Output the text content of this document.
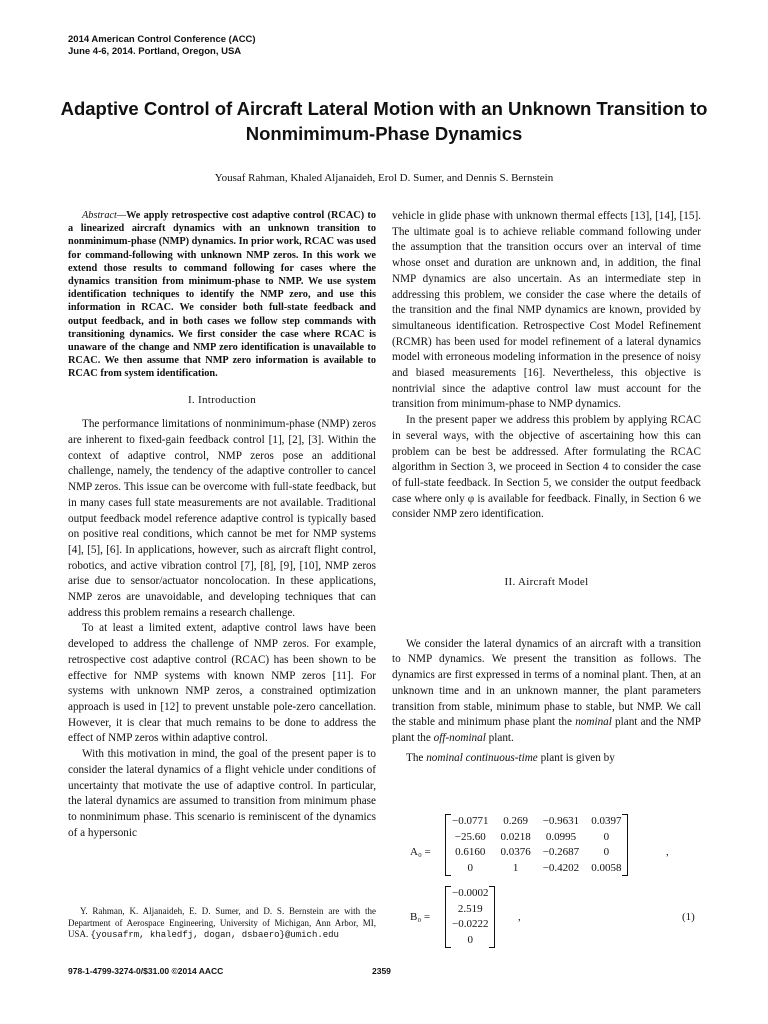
2014 American Control Conference (ACC)
June 4-6, 2014. Portland, Oregon, USA
Adaptive Control of Aircraft Lateral Motion with an Unknown Transition to Nonmimimum-Phase Dynamics
Yousaf Rahman, Khaled Aljanaideh, Erol D. Sumer, and Dennis S. Bernstein

Abstract—We apply retrospective cost adaptive control (RCAC) to a linearized aircraft dynamics with an unknown transition to nonminimum-phase (NMP) dynamics. In prior work, RCAC was used for command-following with unknown NMP zeros. In this work we extend those results to command following for cases where the dynamics transition from minimum-phase to NMP. We use system identification techniques to identify the NMP zero, and use this information in RCAC. We consider both full-state feedback and output feedback, and in both cases we follow step commands with transitioning dynamics. We first consider the case where RCAC is unaware of the change and NMP zero identification is unavailable to RCAC. We then assume that NMP zero information is available to RCAC from system identification.

I. Introduction

The performance limitations of nonminimum-phase (NMP) zeros are inherent to fixed-gain feedback control [1], [2], [3]. Within the context of adaptive control, NMP zeros pose an additional challenge, namely, the tendency of the adaptive controller to cancel NMP zeros. This issue can be overcome with full-state feedback, but in many cases full state measurements are not available. Traditional output feedback model reference adaptive control is typically based on positive real conditions, which cannot be met for NMP systems [4], [5], [6]. In applications, however, such as aircraft flight control, robotics, and active vibration control [7], [8], [9], [10], NMP zeros arise due to sensor/actuator noncolocation. In these applications, NMP zeros are unavoidable, and developing techniques that can address this problem remains a research challenge.

To at least a limited extent, adaptive control laws have been developed to address the challenge of NMP zeros. For example, retrospective cost adaptive control (RCAC) has been shown to be effective for NMP systems with known NMP zeros [11]. For systems with unknown NMP zeros, a constrained optimization approach is used in [12] to prevent unstable pole-zero cancellation. However, it is clear that much remains to be done to address the effect of NMP zeros within adaptive control.

With this motivation in mind, the goal of the present paper is to consider the lateral dynamics of a flight vehicle under conditions of uncertainty that motivate the use of adaptive control. In particular, the lateral dynamics are assumed to transition from minimum phase to nonminimum phase. This scenario is reminiscent of the dynamics of a hypersonic

Y. Rahman, K. Aljanaideh, E. D. Sumer, and D. S. Bernstein are with the Department of Aerospace Engineering, University of Michigan, Ann Arbor, MI, USA. {yousafrm, khaledfj, dogan, dsbaero}@umich.edu

vehicle in glide phase with unknown thermal effects [13], [14], [15]. The ultimate goal is to achieve reliable command following under the assumption that the transition occurs over an interval of time whose onset and duration are unknown and, in addition, the final NMP dynamics are also uncertain. As an intermediate step in addressing this problem, we consider the case where the details of the transition and the final NMP dynamics are known, provided by simultaneous identification. Retrospective Cost Model Refinement (RCMR) has been used for model refinement of a lateral dynamics model with erroneous modeling information in the presence of noisy and biased measurements [16]. Nevertheless, this objective is nontrivial since the adaptive control law must account for the transition from minimum-phase to NMP dynamics.

In the present paper we address this problem by applying RCAC in several ways, with the objective of ascertaining how this can problem can be best be addressed. After formulating the RCAC algorithm in Section 3, we proceed in Section 4 to consider the case of full-state feedback. In Section 5, we consider the output feedback case where only φ is available for feedback. Finally, in Section 6 we consider NMP zero identification.

II. Aircraft Model

We consider the lateral dynamics of an aircraft with a transition to NMP dynamics. We present the transition as follows. The dynamics are first expressed in terms of a nominal plant. Then, at an unknown time and in an unknown manner, the plant parameters transition from stable, minimum phase to stable, but NMP. We call the stable and minimum phase plant the nominal plant and the NMP plant the off-nominal plant.

The nominal continuous-time plant is given by

A₀ =
−0.0771	0.269	−0.9631	0.0397
−25.60	0.0218	0.0995	0
0.6160	0.0376	−0.2687	0
0	1	−0.4202	0.0058
,
B₀ =
−0.0002
2.519
−0.0222
0
,	(1)
978-1-4799-3274-0/$31.00 ©2014 AACC	2359
